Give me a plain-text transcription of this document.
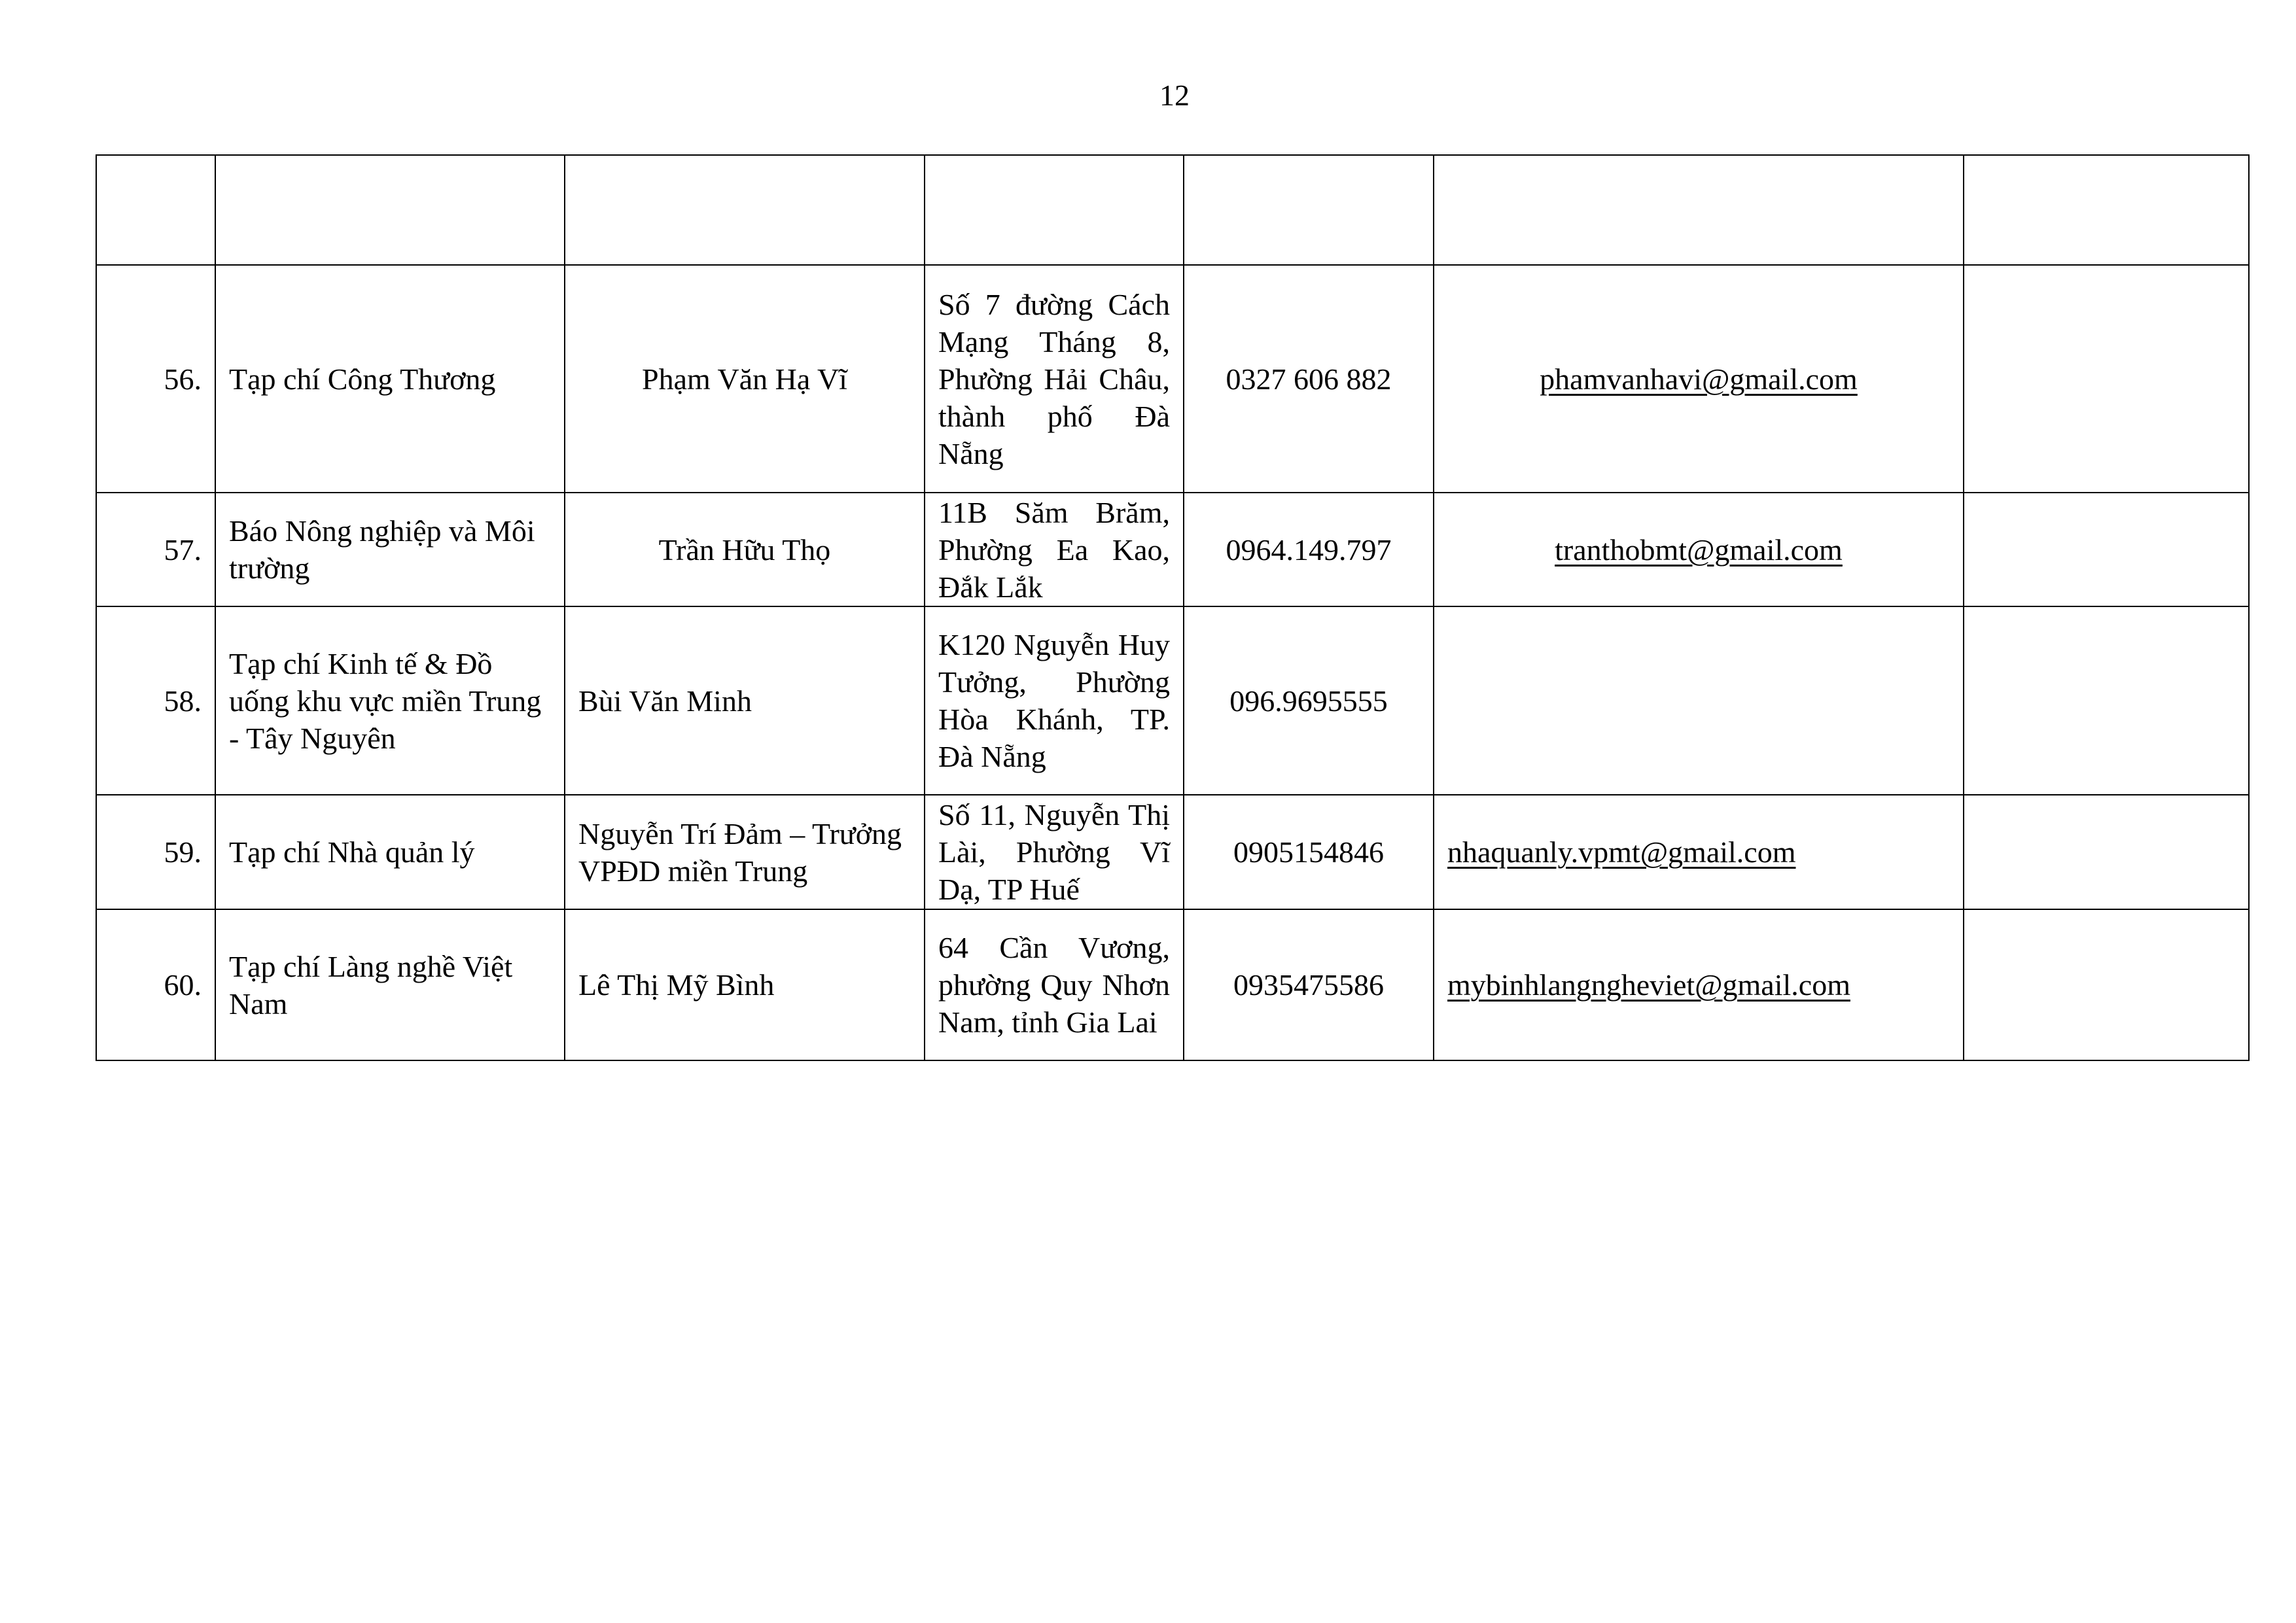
12

56.	Tạp chí Công Thương	Phạm Văn Hạ Vĩ	Số 7 đường Cách Mạng Tháng 8, Phường Hải Châu, thành phố Đà Nẵng	0327 606 882	phamvanhavi@gmail.com	
57.	Báo Nông nghiệp và Môi trường	Trần Hữu Thọ	11B Săm Brăm, Phường Ea Kao, Đắk Lắk	0964.149.797	tranthobmt@gmail.com	
58.	Tạp chí Kinh tế & Đồ uống khu vực miền Trung - Tây Nguyên	Bùi Văn Minh	K120 Nguyễn Huy Tưởng, Phường Hòa Khánh, TP. Đà Nẵng	096.9695555		
59.	Tạp chí Nhà quản lý	Nguyễn Trí Đảm – Trưởng VPĐD miền Trung	Số 11, Nguyễn Thị Lài, Phường Vĩ Dạ, TP Huế	0905154846	nhaquanly.vpmt@gmail.com	
60.	Tạp chí Làng nghề Việt Nam	Lê Thị Mỹ Bình	64 Cần Vương, phường Quy Nhơn Nam, tỉnh Gia Lai	0935475586	mybinhlangngheviet@gmail.com	
